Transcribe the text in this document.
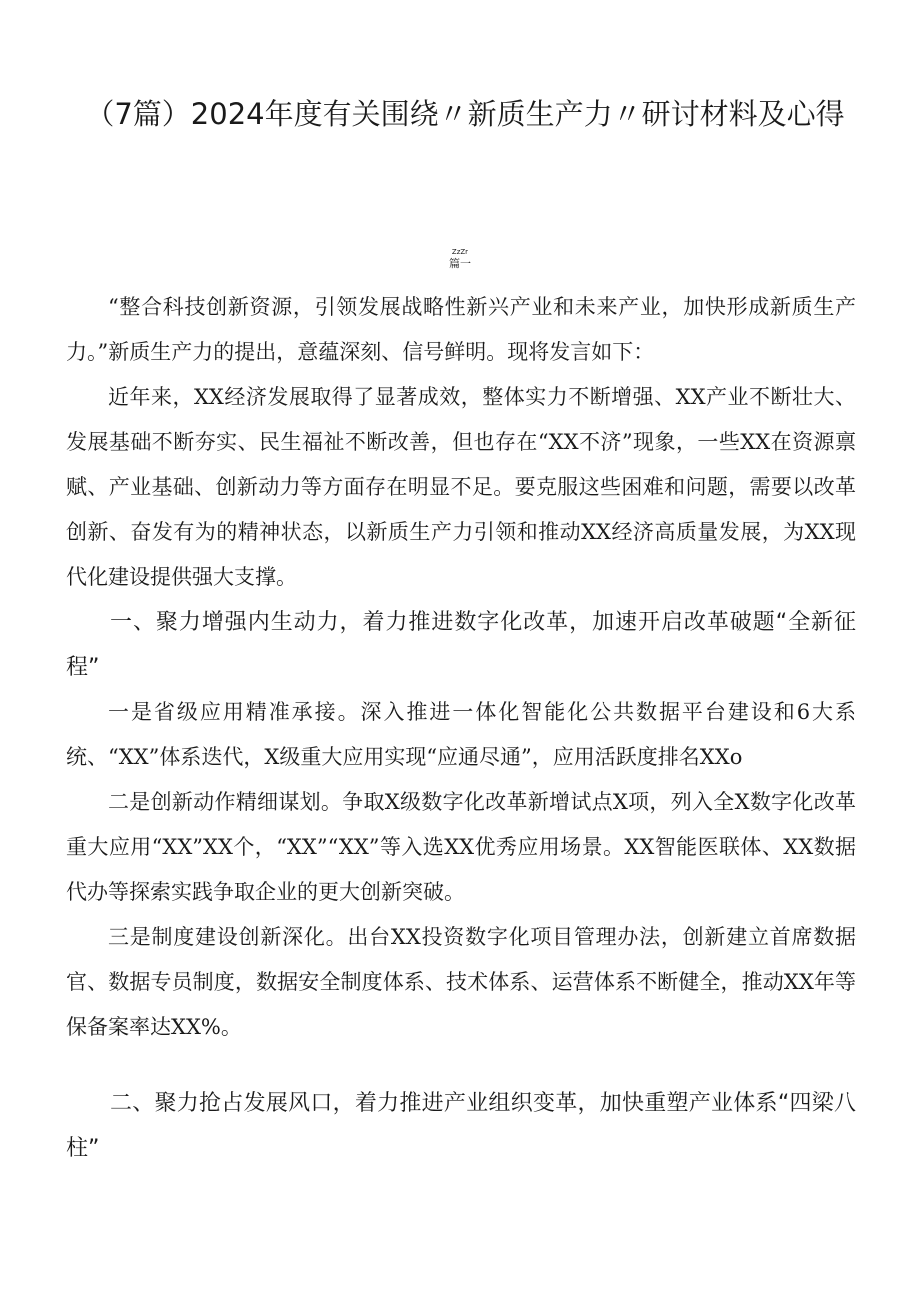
（7篇）2024年度有关围绕〃新质生产力〃研讨材料及心得
ZzZr
篇一

“整合科技创新资源，引领发展战略性新兴产业和未来产业，加快形成新质生产力。”新质生产力的提出，意蕴深刻、信号鲜明。现将发言如下：

近年来，XX经济发展取得了显著成效，整体实力不断增强、XX产业不断壮大、发展基础不断夯实、民生福祉不断改善，但也存在“XX不济”现象，一些XX在资源禀赋、产业基础、创新动力等方面存在明显不足。要克服这些困难和问题，需要以改革创新、奋发有为的精神状态，以新质生产力引领和推动XX经济高质量发展，为XX现代化建设提供强大支撑。

一、聚力增强内生动力，着力推进数字化改革，加速开启改革破题“全新征程”

一是省级应用精准承接。深入推进一体化智能化公共数据平台建设和6大系统、“XX”体系迭代，X级重大应用实现“应通尽通”，应用活跃度排名XXo

二是创新动作精细谋划。争取X级数字化改革新增试点X项，列入全X数字化改革重大应用“XX”XX个，“XX”“XX”等入选XX优秀应用场景。XX智能医联体、XX数据代办等探索实践争取企业的更大创新突破。

三是制度建设创新深化。出台XX投资数字化项目管理办法，创新建立首席数据官、数据专员制度，数据安全制度体系、技术体系、运营体系不断健全，推动XX年等保备案率达XX%。

二、聚力抢占发展风口，着力推进产业组织变革，加快重塑产业体系“四梁八柱”
